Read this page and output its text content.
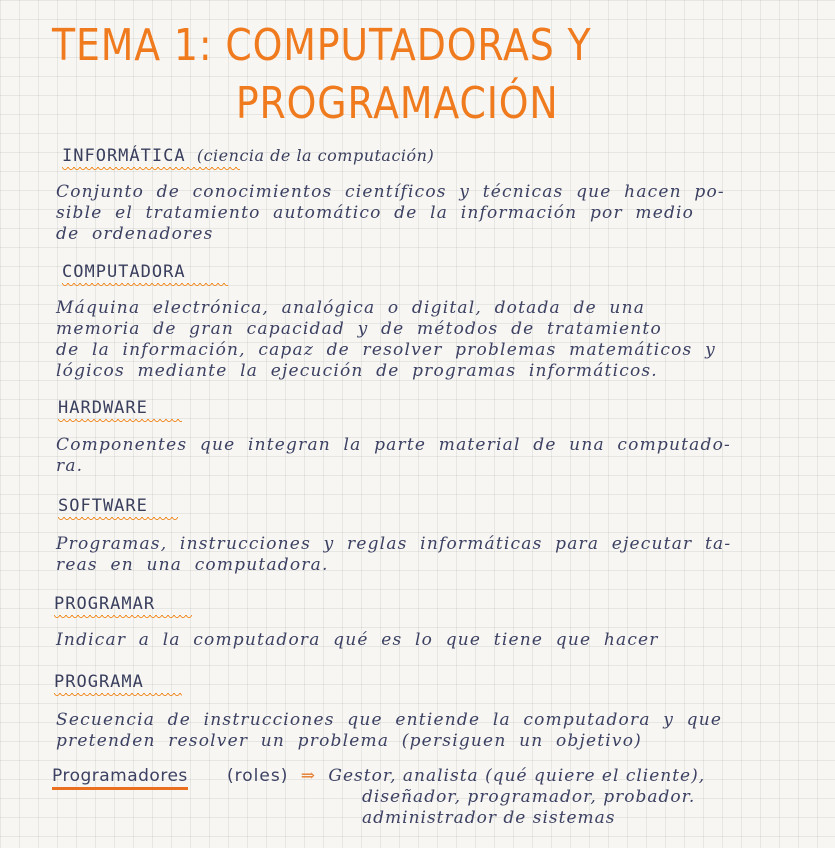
TEMA 1: COMPUTADORAS Y
PROGRAMACIÓN
INFORMÁTICA (ciencia de la computación)
Conjunto de conocimientos científicos y técnicas que hacen po-
sible el tratamiento automático de la información por medio
de ordenadores
COMPUTADORA
Máquina electrónica, analógica o digital, dotada de una
memoria de gran capacidad y de métodos de tratamiento
de la información, capaz de resolver problemas matemáticos y
lógicos mediante la ejecución de programas informáticos.
HARDWARE
Componentes que integran la parte material de una computado-
ra.
SOFTWARE
Programas, instrucciones y reglas informáticas para ejecutar ta-
reas en una computadora.
PROGRAMAR
Indicar a la computadora qué es lo que tiene que hacer
PROGRAMA
Secuencia de instrucciones que entiende la computadora y que
pretenden resolver un problema (persiguen un objetivo)
Programadores (roles) ⇒ Gestor, analista (qué quiere el cliente),
diseñador, programador, probador.
administrador de sistemas
